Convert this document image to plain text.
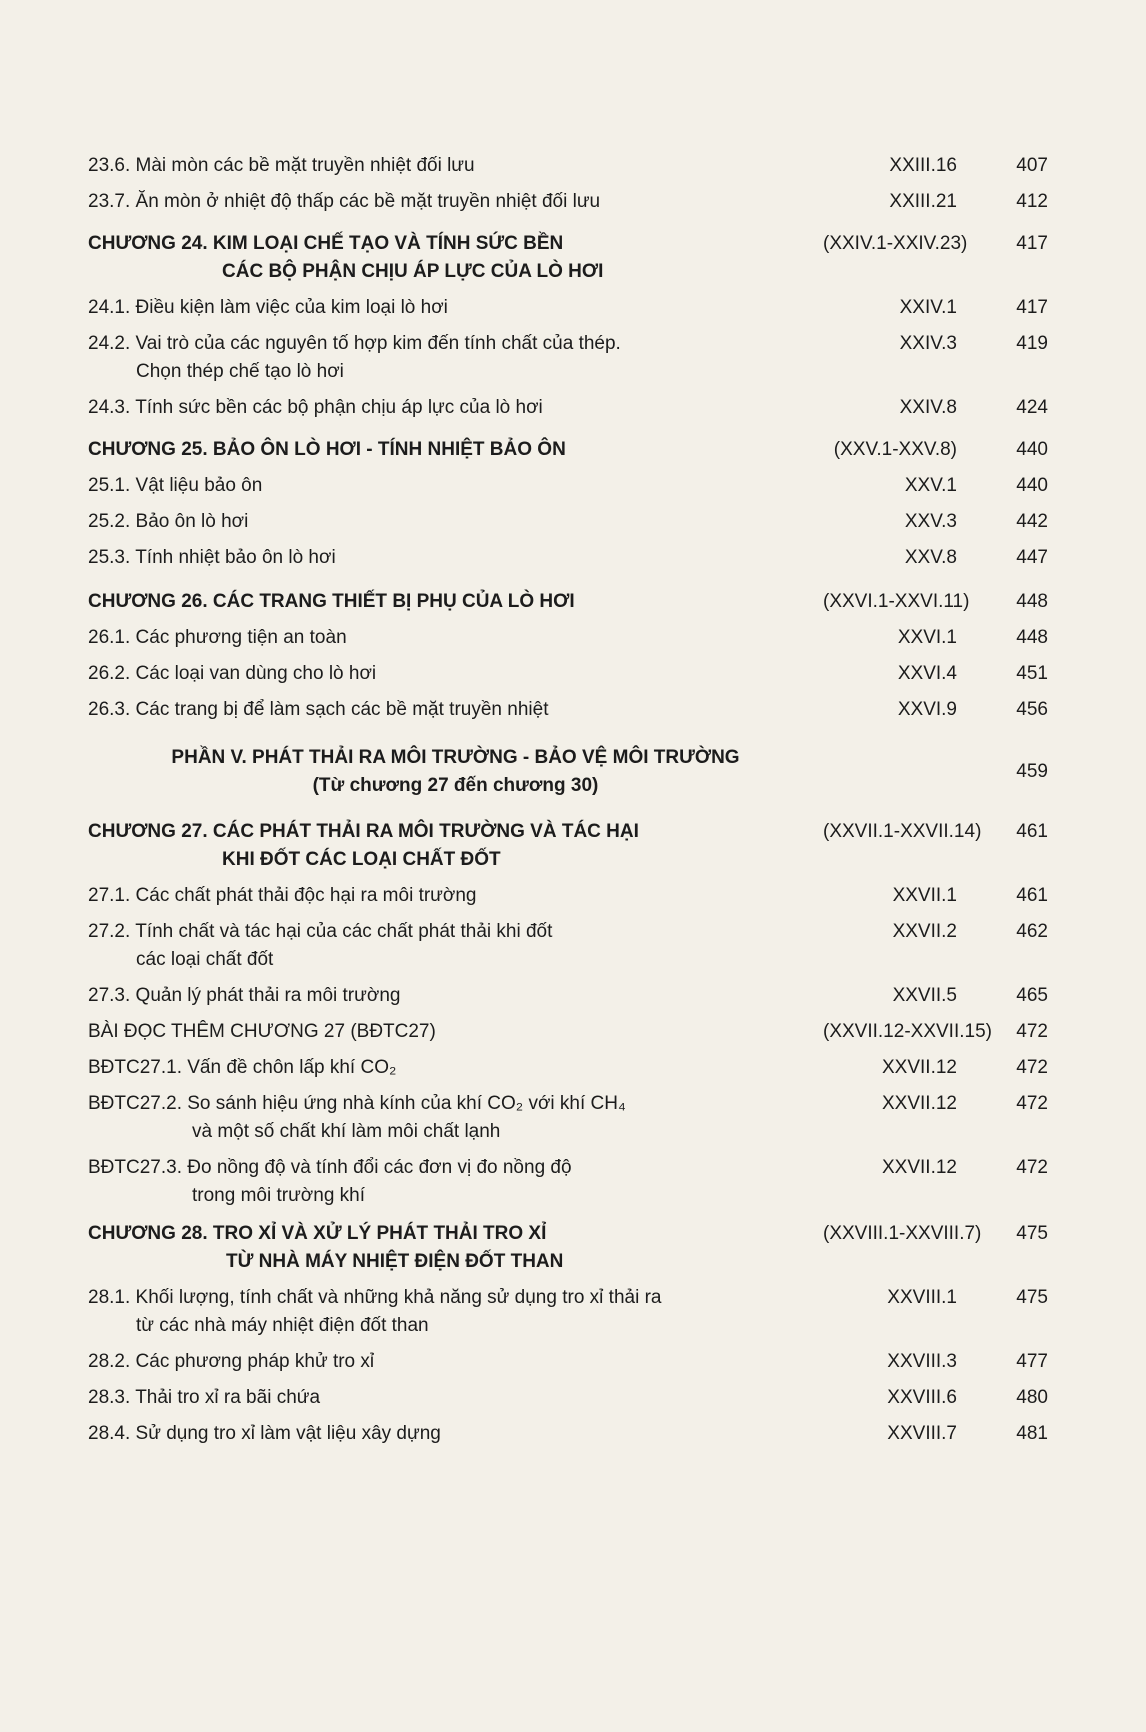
23.6. Mài mòn các bề mặt truyền nhiệt đối lưu	XXIII.16	407
23.7. Ăn mòn ở nhiệt độ thấp các bề mặt truyền nhiệt đối lưu	XXIII.21	412
CHƯƠNG 24. KIM LOẠI CHẾ TẠO VÀ TÍNH SỨC BỀN
CÁC BỘ PHẬN CHỊU ÁP LỰC CỦA LÒ HƠI
(XXIV.1-XXIV.23)	417
24.1. Điều kiện làm việc của kim loại lò hơi	XXIV.1	417
24.2. Vai trò của các nguyên tố hợp kim đến tính chất của thép.
Chọn thép chế tạo lò hơi
XXIV.3	419
24.3. Tính sức bền các bộ phận chịu áp lực của lò hơi	XXIV.8	424
CHƯƠNG 25. BẢO ÔN LÒ HƠI - TÍNH NHIỆT BẢO ÔN	(XXV.1-XXV.8)	440
25.1. Vật liệu bảo ôn	XXV.1	440
25.2. Bảo ôn lò hơi	XXV.3	442
25.3. Tính nhiệt bảo ôn lò hơi	XXV.8	447
CHƯƠNG 26. CÁC TRANG THIẾT BỊ PHỤ CỦA LÒ HƠI	(XXVI.1-XXVI.11)	448
26.1. Các phương tiện an toàn	XXVI.1	448
26.2. Các loại van dùng cho lò hơi	XXVI.4	451
26.3. Các trang bị để làm sạch các bề mặt truyền nhiệt	XXVI.9	456
PHẦN V. PHÁT THẢI RA MÔI TRƯỜNG - BẢO VỆ MÔI TRƯỜNG
(Từ chương 27 đến chương 30)
459
CHƯƠNG 27. CÁC PHÁT THẢI RA MÔI TRƯỜNG VÀ TÁC HẠI
KHI ĐỐT CÁC LOẠI CHẤT ĐỐT
(XXVII.1-XXVII.14)	461
27.1. Các chất phát thải độc hại ra môi trường	XXVII.1	461
27.2. Tính chất và tác hại của các chất phát thải khi đốt
các loại chất đốt
XXVII.2	462
27.3. Quản lý phát thải ra môi trường	XXVII.5	465
BÀI ĐỌC THÊM CHƯƠNG 27 (BĐTC27)	(XXVII.12-XXVII.15)	472
BĐTC27.1. Vấn đề chôn lấp khí CO₂	XXVII.12	472
BĐTC27.2. So sánh hiệu ứng nhà kính của khí CO₂ với khí CH₄
và một số chất khí làm môi chất lạnh
XXVII.12	472
BĐTC27.3. Đo nồng độ và tính đổi các đơn vị đo nồng độ
trong môi trường khí
XXVII.12	472
CHƯƠNG 28. TRO XỈ VÀ XỬ LÝ PHÁT THẢI TRO XỈ
TỪ NHÀ MÁY NHIỆT ĐIỆN ĐỐT THAN
(XXVIII.1-XXVIII.7)	475
28.1. Khối lượng, tính chất và những khả năng sử dụng tro xỉ thải ra
từ các nhà máy nhiệt điện đốt than
XXVIII.1	475
28.2. Các phương pháp khử tro xỉ	XXVIII.3	477
28.3. Thải tro xỉ ra bãi chứa	XXVIII.6	480
28.4. Sử dụng tro xỉ làm vật liệu xây dựng	XXVIII.7	481
